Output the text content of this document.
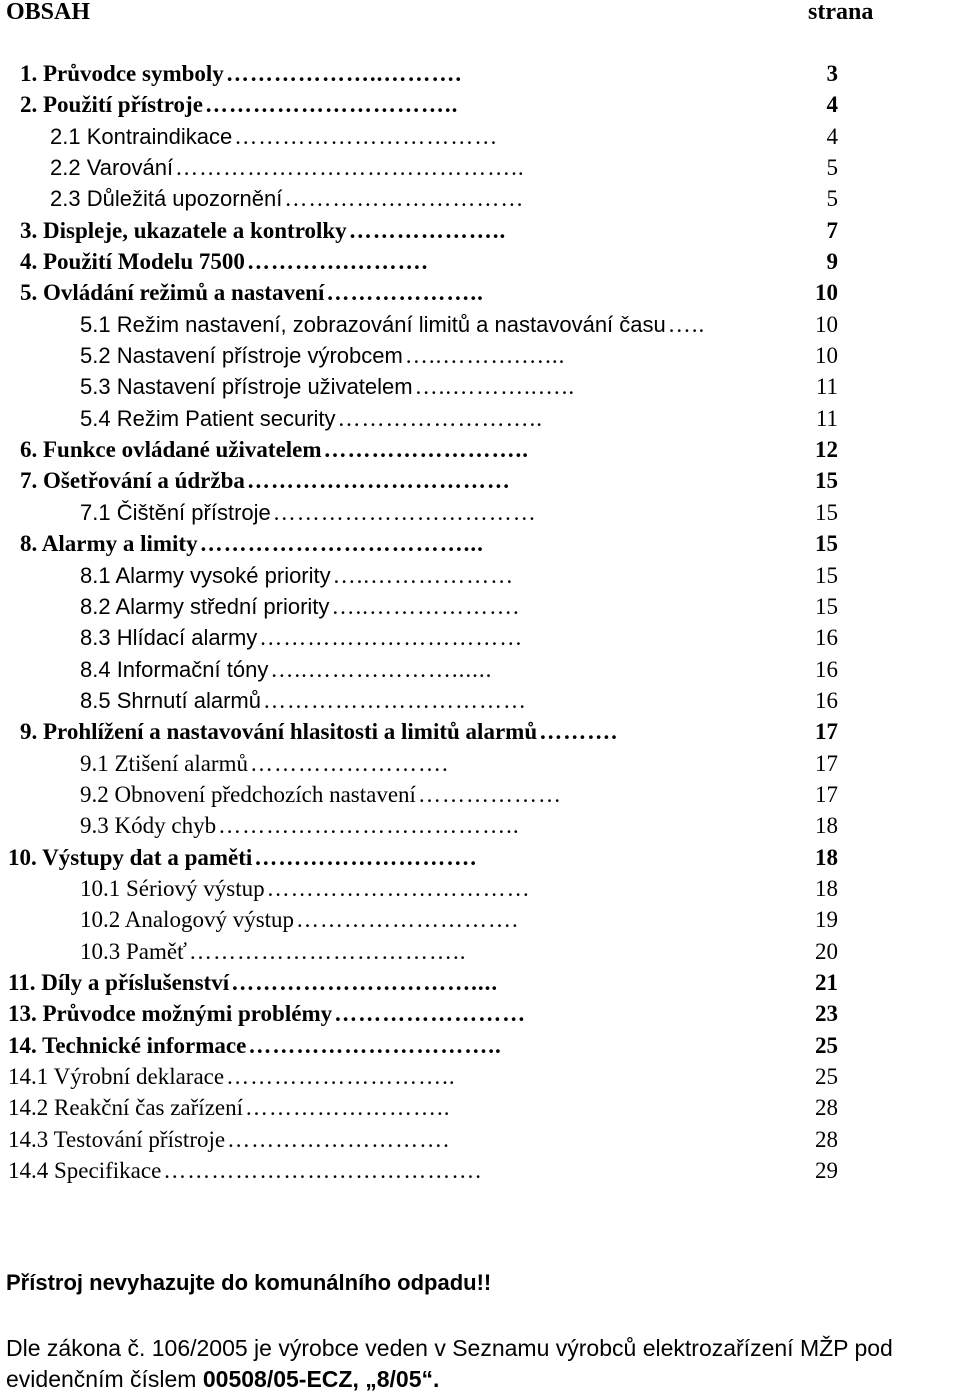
OBSAH	strana
1. Průvodce symboly ………………..……….	3
2. Použití přístroje …………………………..	4
2.1 Kontraindikace ……………………………	4
2.2 Varování ……………………………………..	5
2.3 Důležitá upozornění …………………………	5
3. Displeje, ukazatele a kontrolky ………………..	7
4. Použití Modelu 7500 ………….……….	9
5. Ovládání režimů a nastavení ………………..	10
5.1 Režim nastavení, zobrazování limitů a nastavování času …..	10
5.2 Nastavení přístroje výrobcem …..……….…...	10
5.3 Nastavení přístroje uživatelem …..………..…..	11
5.4 Režim Patient security ……………………..	11
6. Funkce ovládané uživatelem ……………………..	12
7. Ošetřování a údržba ……………………………	15
7.1 Čištění přístroje ……………………………	15
8. Alarmy a limity ……………………………...	15
8.1 Alarmy vysoké priority …..………………	15
8.2 Alarmy střední priority …..……………….	15
8.3 Hlídací alarmy ……………………………	16
8.4 Informační tóny …..………………......	16
8.5 Shrnutí alarmů ……………………………	16
9. Prohlížení a nastavování hlasitosti a limitů alarmů ……….	17
9.1 Ztišení alarmů …………………….	17
9.2 Obnovení předchozích nastavení ………………	17
9.3 Kódy chyb ………………………………..	18
10. Výstupy dat a paměti ……………………….	18
10.1 Sériový výstup ……………………………	18
10.2 Analogový výstup ……………………….	19
10.3 Paměť ……………………………..	20
11. Díly a příslušenství …………………………....	21
13. Průvodce možnými problémy ……………………	23
14. Technické informace …………………………..	25
14.1 Výrobní deklarace ………………………..	25
14.2 Reakční čas zařízení ……………………..	28
14.3 Testování přístroje ……………………….	28
14.4 Specifikace ………………………………….	29
Přístroj nevyhazujte do komunálního odpadu!!
Dle zákona č. 106/2005 je výrobce veden v Seznamu výrobců elektrozařízení MŽP pod
evidenčním číslem 00508/05-ECZ, „8/05“.
